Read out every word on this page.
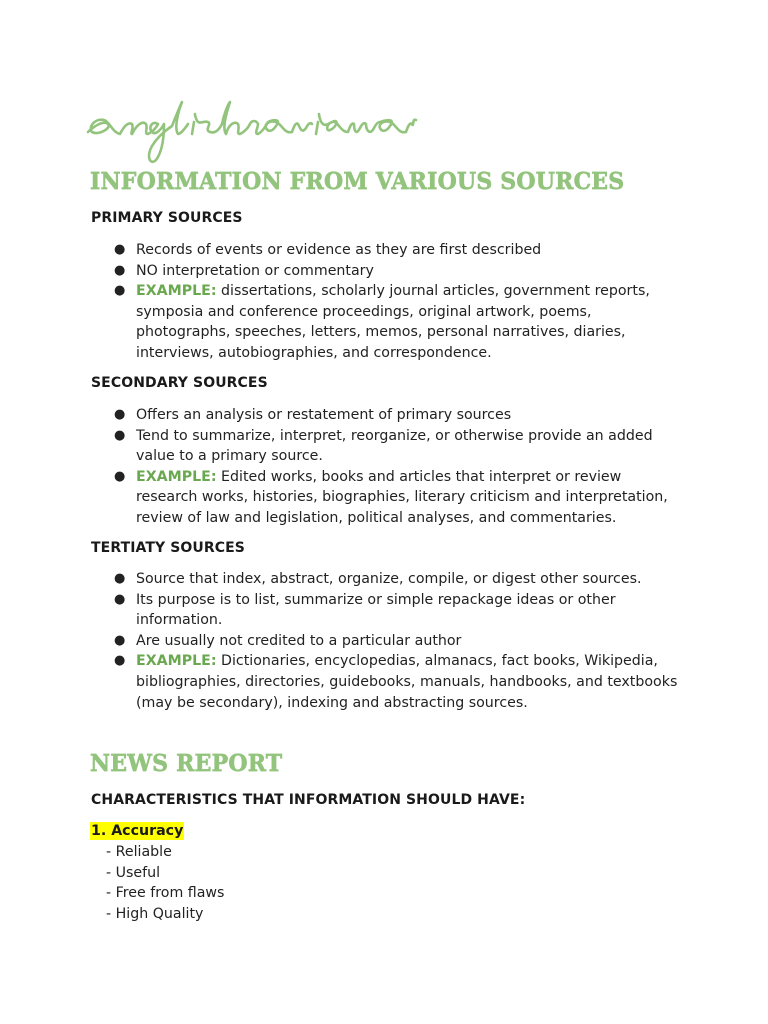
INFORMATION FROM VARIOUS SOURCES
PRIMARY SOURCES
● Records of events or evidence as they are first described
● NO interpretation or commentary
● EXAMPLE: dissertations, scholarly journal articles, government reports, symposia and conference proceedings, original artwork, poems, photographs, speeches, letters, memos, personal narratives, diaries, interviews, autobiographies, and correspondence.
SECONDARY SOURCES
● Offers an analysis or restatement of primary sources
● Tend to summarize, interpret, reorganize, or otherwise provide an added value to a primary source.
● EXAMPLE: Edited works, books and articles that interpret or review research works, histories, biographies, literary criticism and interpretation, review of law and legislation, political analyses, and commentaries.
TERTIATY SOURCES
● Source that index, abstract, organize, compile, or digest other sources.
● Its purpose is to list, summarize or simple repackage ideas or other information.
● Are usually not credited to a particular author
● EXAMPLE: Dictionaries, encyclopedias, almanacs, fact books, Wikipedia, bibliographies, directories, guidebooks, manuals, handbooks, and textbooks (may be secondary), indexing and abstracting sources.
NEWS REPORT
CHARACTERISTICS THAT INFORMATION SHOULD HAVE:
1. Accuracy
- Reliable
- Useful
- Free from flaws
- High Quality
